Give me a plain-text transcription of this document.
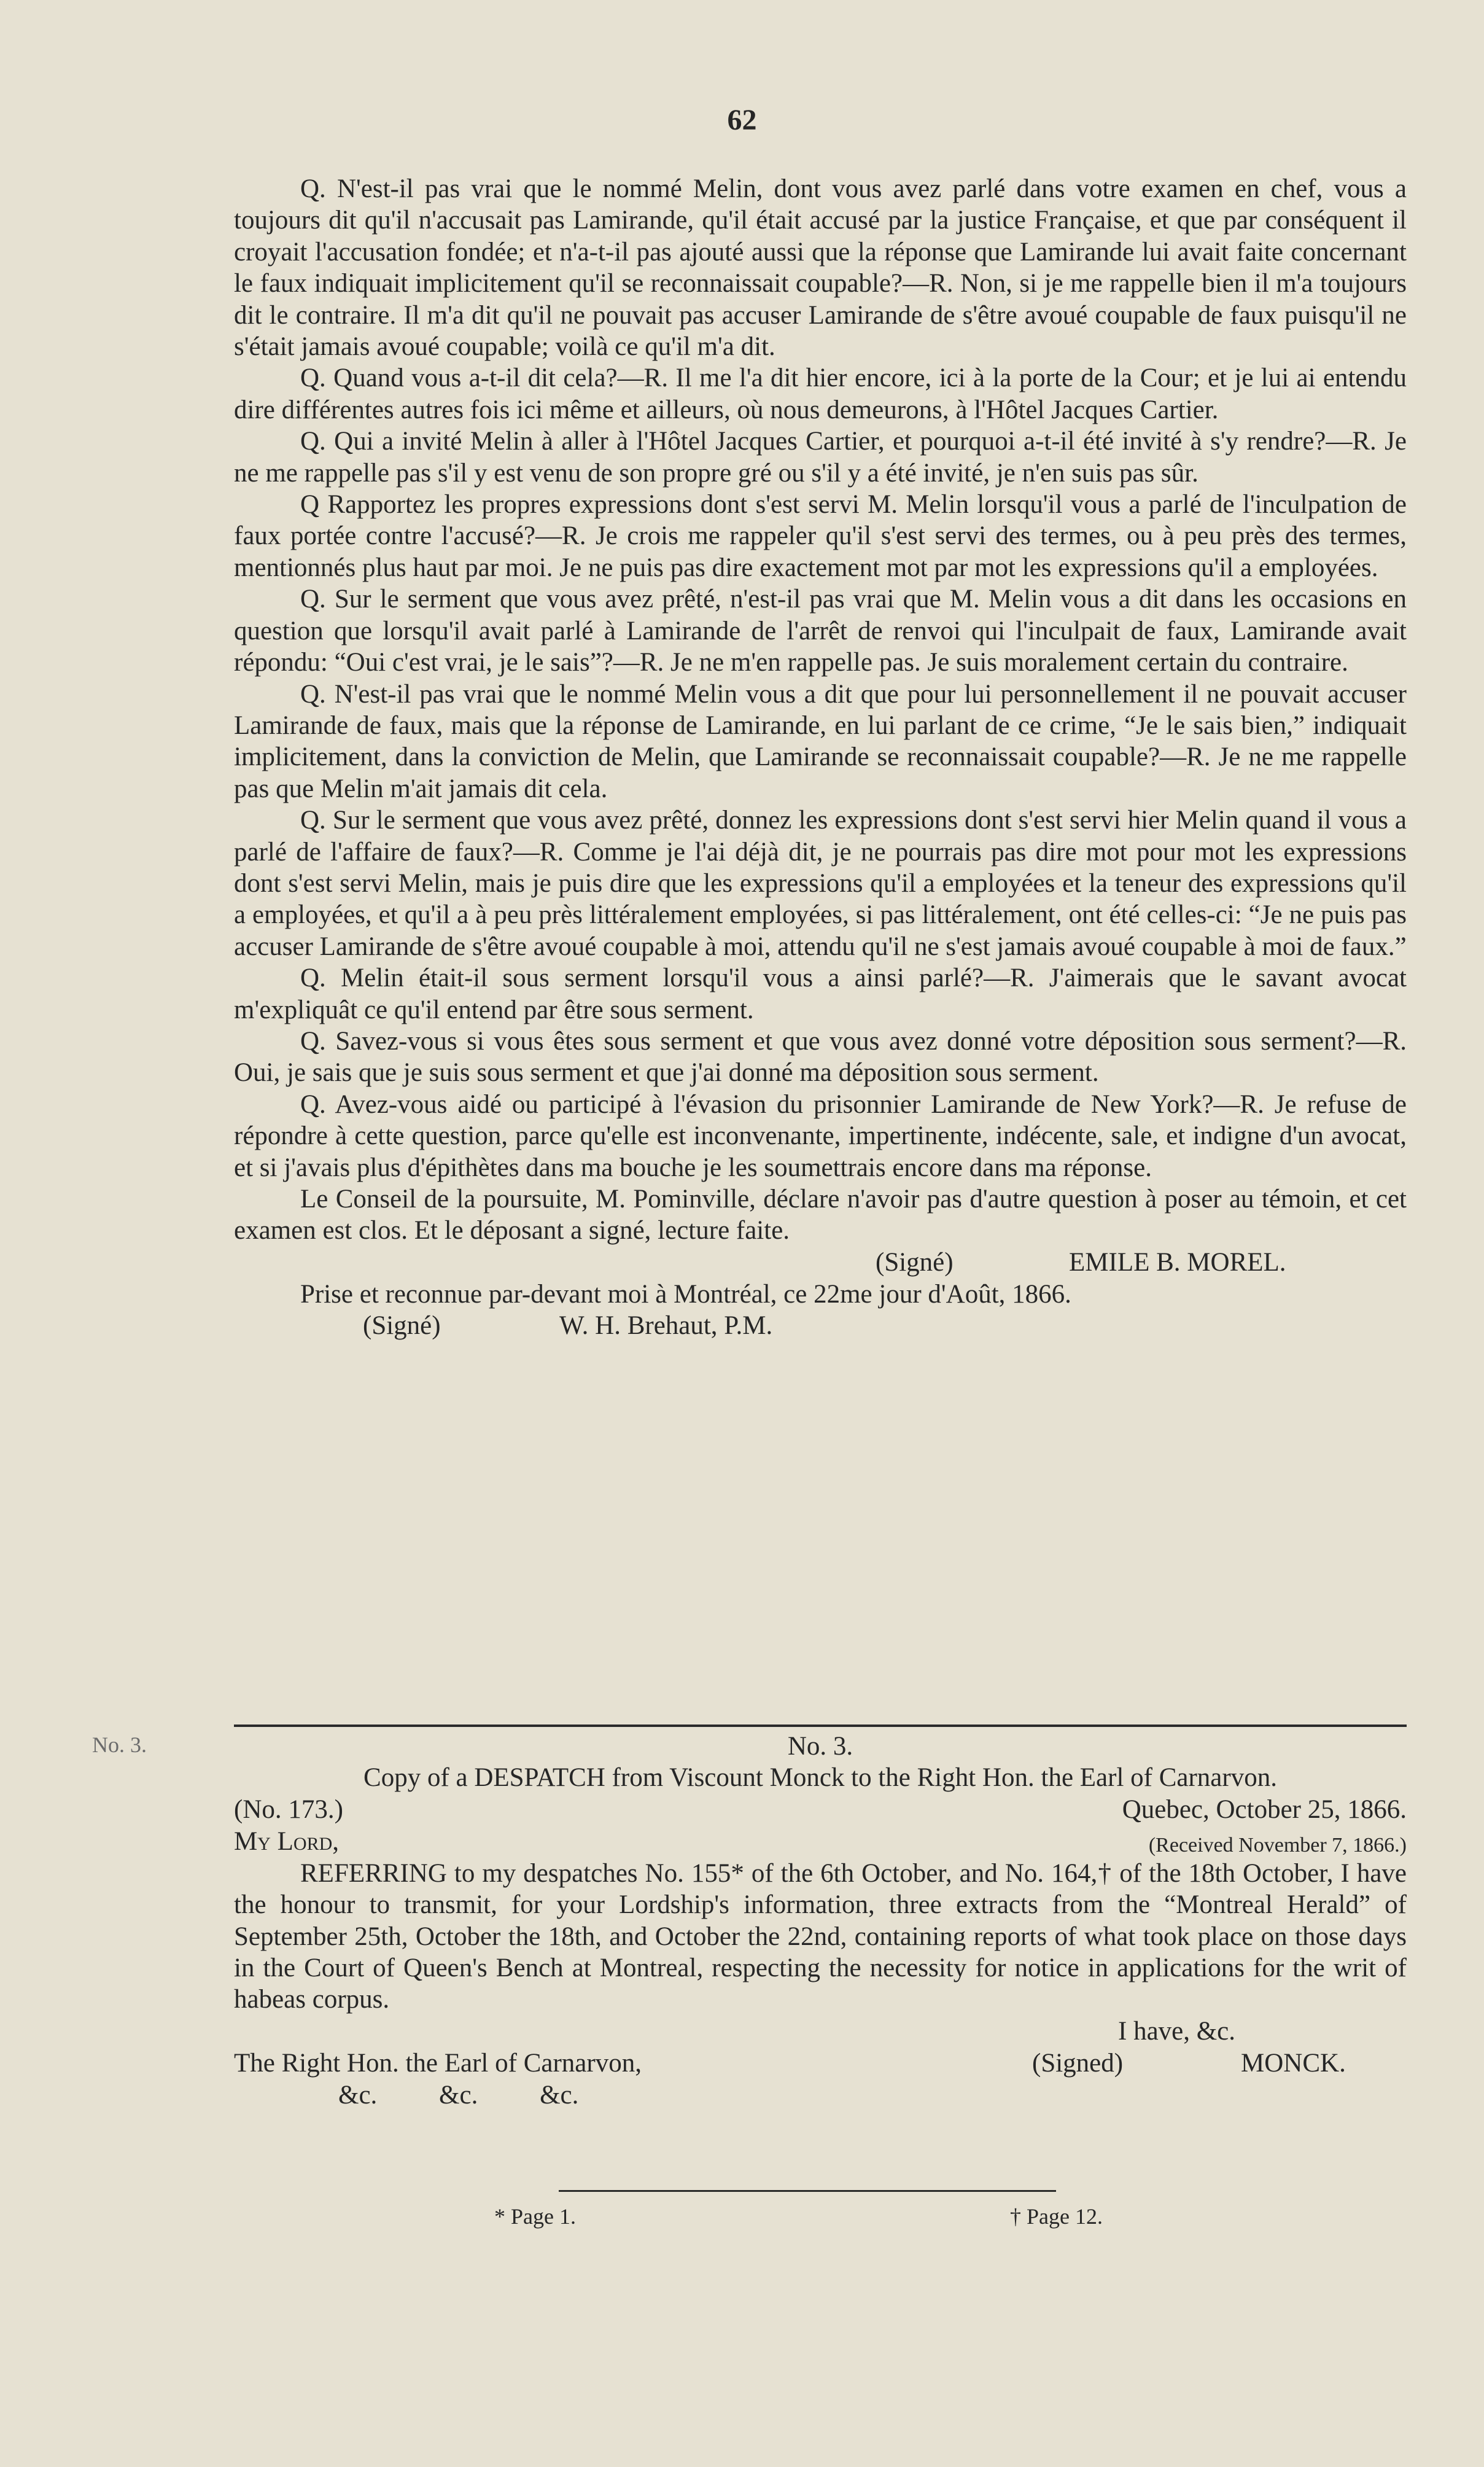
62

Q. N'est-il pas vrai que le nommé Melin, dont vous avez parlé dans votre examen en chef, vous a toujours dit qu'il n'accusait pas Lamirande, qu'il était accusé par la justice Française, et que par conséquent il croyait l'accusation fondée; et n'a-t-il pas ajouté aussi que la réponse que Lamirande lui avait faite concernant le faux indiquait implicitement qu'il se reconnaissait coupable?—R. Non, si je me rappelle bien il m'a toujours dit le contraire. Il m'a dit qu'il ne pouvait pas accuser Lamirande de s'être avoué coupable de faux puisqu'il ne s'était jamais avoué coupable; voilà ce qu'il m'a dit.

Q. Quand vous a-t-il dit cela?—R. Il me l'a dit hier encore, ici à la porte de la Cour; et je lui ai entendu dire différentes autres fois ici même et ailleurs, où nous demeurons, à l'Hôtel Jacques Cartier.

Q. Qui a invité Melin à aller à l'Hôtel Jacques Cartier, et pourquoi a-t-il été invité à s'y rendre?—R. Je ne me rappelle pas s'il y est venu de son propre gré ou s'il y a été invité, je n'en suis pas sûr.

Q Rapportez les propres expressions dont s'est servi M. Melin lorsqu'il vous a parlé de l'inculpation de faux portée contre l'accusé?—R. Je crois me rappeler qu'il s'est servi des termes, ou à peu près des termes, mentionnés plus haut par moi. Je ne puis pas dire exactement mot par mot les expressions qu'il a employées.

Q. Sur le serment que vous avez prêté, n'est-il pas vrai que M. Melin vous a dit dans les occasions en question que lorsqu'il avait parlé à Lamirande de l'arrêt de renvoi qui l'inculpait de faux, Lamirande avait répondu: “Oui c'est vrai, je le sais”?—R. Je ne m'en rappelle pas. Je suis moralement certain du contraire.

Q. N'est-il pas vrai que le nommé Melin vous a dit que pour lui personnellement il ne pouvait accuser Lamirande de faux, mais que la réponse de Lamirande, en lui parlant de ce crime, “Je le sais bien,” indiquait implicitement, dans la conviction de Melin, que Lamirande se reconnaissait coupable?—R. Je ne me rappelle pas que Melin m'ait jamais dit cela.

Q. Sur le serment que vous avez prêté, donnez les expressions dont s'est servi hier Melin quand il vous a parlé de l'affaire de faux?—R. Comme je l'ai déjà dit, je ne pourrais pas dire mot pour mot les expressions dont s'est servi Melin, mais je puis dire que les expressions qu'il a employées et la teneur des expressions qu'il a employées, et qu'il a à peu près littéralement employées, si pas littéralement, ont été celles-ci: “Je ne puis pas accuser Lamirande de s'être avoué coupable à moi, attendu qu'il ne s'est jamais avoué coupable à moi de faux.”

Q. Melin était-il sous serment lorsqu'il vous a ainsi parlé?—R. J'aimerais que le savant avocat m'expliquât ce qu'il entend par être sous serment.

Q. Savez-vous si vous êtes sous serment et que vous avez donné votre déposition sous serment?—R. Oui, je sais que je suis sous serment et que j'ai donné ma déposition sous serment.

Q. Avez-vous aidé ou participé à l'évasion du prisonnier Lamirande de New York?—R. Je refuse de répondre à cette question, parce qu'elle est inconvenante, impertinente, indécente, sale, et indigne d'un avocat, et si j'avais plus d'épithètes dans ma bouche je les soumettrais encore dans ma réponse.

Le Conseil de la poursuite, M. Pominville, déclare n'avoir pas d'autre question à poser au témoin, et cet examen est clos. Et le déposant a signé, lecture faite.

(Signé)	EMILE B. MOREL.

Prise et reconnue par-devant moi à Montréal, ce 22me jour d'Août, 1866.

(Signé)	W. H. Brehaut, P.M.
No. 3.	No. 3.

Copy of a DESPATCH from Viscount Monck to the Right Hon. the Earl of Carnarvon.

(No. 173.)	Quebec, October 25, 1866.
My Lord,	(Received November 7, 1866.)

REFERRING to my despatches No. 155* of the 6th October, and No. 164,† of the 18th October, I have the honour to transmit, for your Lordship's information, three extracts from the “Montreal Herald” of September 25th, October the 18th, and October the 22nd, containing reports of what took place on those days in the Court of Queen's Bench at Montreal, respecting the necessity for notice in applications for the writ of habeas corpus.

I have, &c.
The Right Hon. the Earl of Carnarvon,	(Signed)	MONCK.
&c. &c. &c.
* Page 1.	† Page 12.
